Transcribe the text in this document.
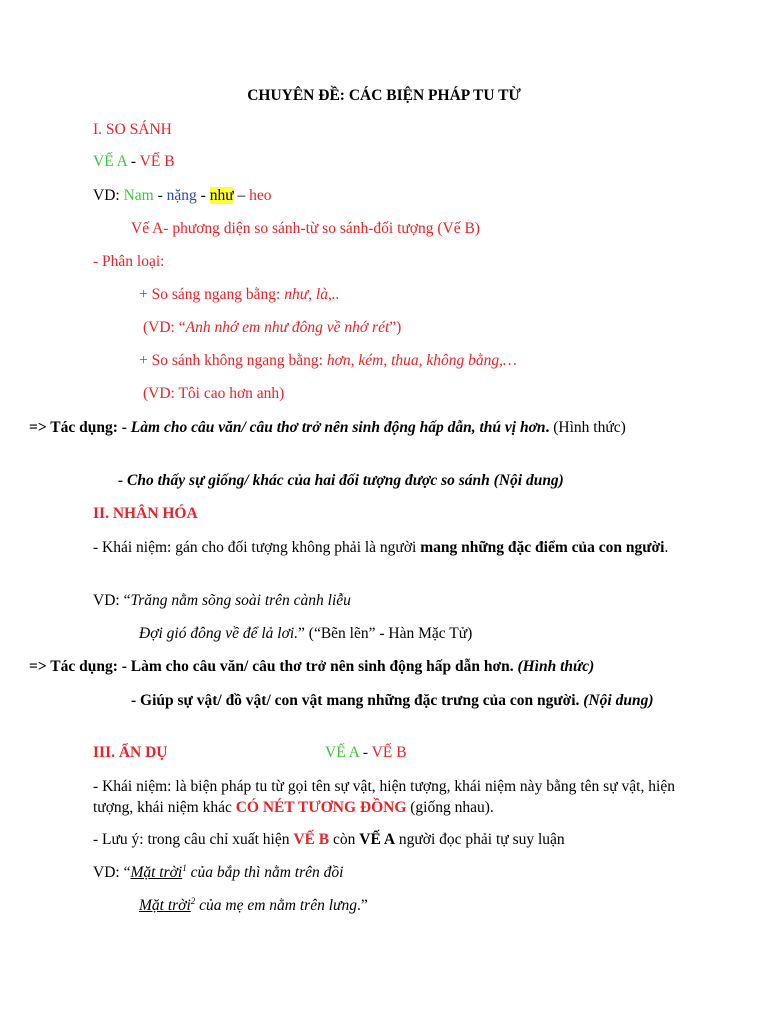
CHUYÊN ĐỀ: CÁC BIỆN PHÁP TU TỪ
I. SO SÁNH
VẾ A - VẾ B
VD: Nam - nặng - như – heo
Vế A- phương diện so sánh-từ so sánh-đối tượng (Vế B)
- Phân loại:
+ So sáng ngang bằng: như, là,..
(VD: “Anh nhớ em như đông về nhớ rét”)
+ So sánh không ngang bằng: hơn, kém, thua, không bằng,…
(VD: Tôi cao hơn anh)
=> Tác dụng: - Làm cho câu văn/ câu thơ trở nên sinh động hấp dẫn, thú vị hơn. (Hình thức)
- Cho thấy sự giống/ khác của hai đối tượng được so sánh (Nội dung)
II. NHÂN HÓA
- Khái niệm: gán cho đối tượng không phải là người mang những đặc điểm của con người.
VD: “Trăng nằm sõng soài trên cành liễu
Đợi gió đông về để lả lơi.” (“Bẽn lẽn” - Hàn Mặc Tử)
=> Tác dụng: - Làm cho câu văn/ câu thơ trở nên sinh động hấp dẫn hơn. (Hình thức)
- Giúp sự vật/ đồ vật/ con vật mang những đặc trưng của con người. (Nội dung)
III. ẨN DỤ	VẾ A - VẾ B
- Khái niệm: là biện pháp tu từ gọi tên sự vật, hiện tượng, khái niệm này bằng tên sự vật, hiện tượng, khái niệm khác CÓ NÉT TƯƠNG ĐỒNG (giống nhau).
- Lưu ý: trong câu chỉ xuất hiện VẾ B còn VẾ A người đọc phải tự suy luận
VD: “Mặt trời$^1$ của bắp thì nằm trên đồi
Mặt trời$^2$ của mẹ em nằm trên lưng.”
